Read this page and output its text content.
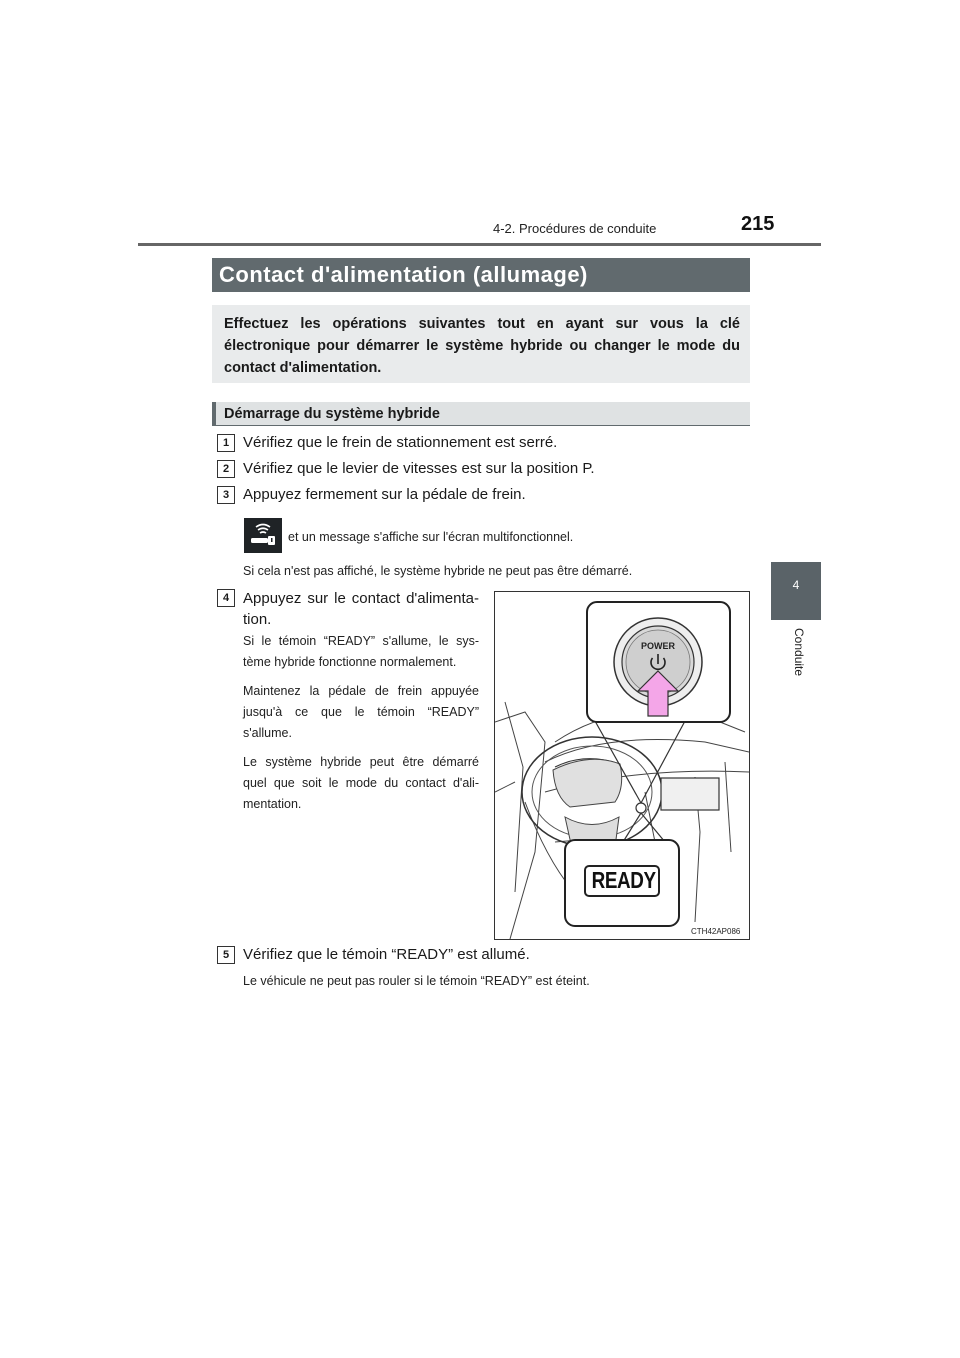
4-2. Procédures de conduite	215
4
Conduite
Contact d'alimentation (allumage)
Effectuez les opérations suivantes tout en ayant sur vous la clé électronique pour démarrer le système hybride ou changer le mode du contact d'alimentation.
Démarrage du système hybride
1 Vérifiez que le frein de stationnement est serré.
2 Vérifiez que le levier de vitesses est sur la position P.
3 Appuyez fermement sur la pédale de frein.
et un message s'affiche sur l'écran multifonctionnel.
Si cela n'est pas affiché, le système hybride ne peut pas être démarré.
4 Appuyez sur le contact d'alimenta-
tion.
Si le témoin “READY” s'allume, le sys-
tème hybride fonctionne normalement.
Maintenez la pédale de frein appuyée
jusqu'à ce que le témoin “READY”
s'allume.
Le système hybride peut être démarré
quel que soit le mode du contact d'ali-
mentation.
POWER
READY
CTH42AP086
5 Vérifiez que le témoin “READY” est allumé.
Le véhicule ne peut pas rouler si le témoin “READY” est éteint.
